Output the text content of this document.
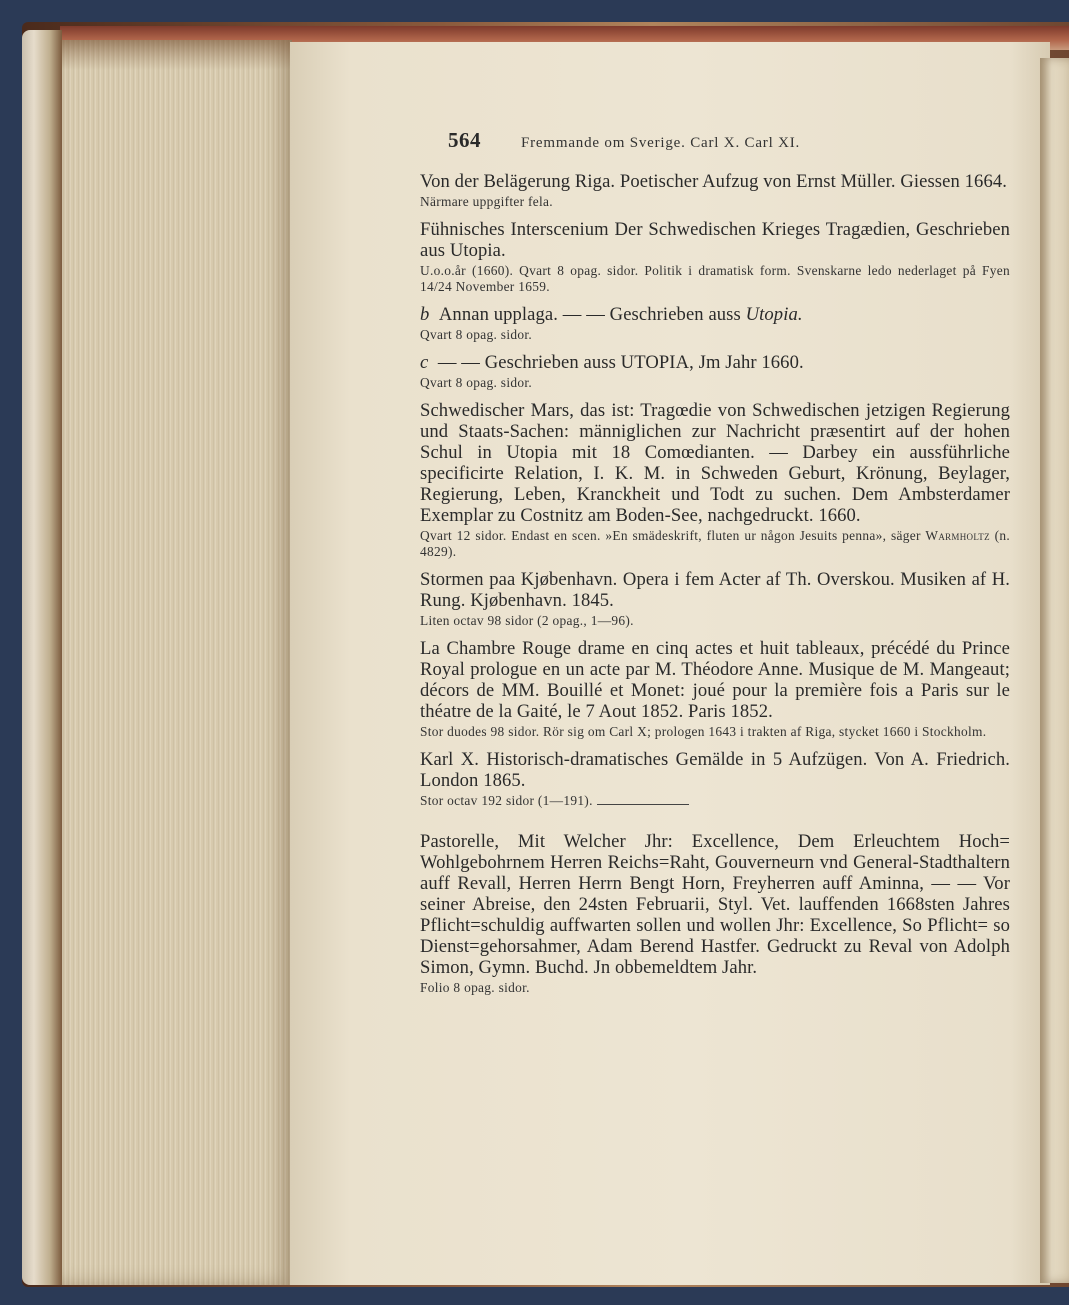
564	Fremmande om Sverige. Carl X. Carl XI.

Von der Belägerung Riga. Poetischer Aufzug von Ernst Müller. Giessen 1664.

Närmare uppgifter fela.

Fühnisches Interscenium Der Schwedischen Krieges Tragædien, Geschrieben aus Utopia.

U.o.o.år (1660). Qvart 8 opag. sidor. Politik i dramatisk form. Svenskarne ledo nederlaget på Fyen 14/24 November 1659.

b Annan upplaga. — — Geschrieben auss Utopia.

Qvart 8 opag. sidor.

c — — Geschrieben auss UTOPIA, Jm Jahr 1660.

Qvart 8 opag. sidor.

Schwedischer Mars, das ist: Tragœdie von Schwedischen jetzigen Regierung und Staats-Sachen: männiglichen zur Nachricht præsentirt auf der hohen Schul in Utopia mit 18 Comœdianten. — Darbey ein aussführliche specificirte Relation, I. K. M. in Schweden Geburt, Krönung, Beylager, Regierung, Leben, Kranckheit und Todt zu suchen. Dem Ambsterdamer Exemplar zu Costnitz am Boden-See, nachgedruckt. 1660.

Qvart 12 sidor. Endast en scen. »En smädeskrift, fluten ur någon Jesuits penna», säger Warmholtz (n. 4829).

Stormen paa Kjøbenhavn. Opera i fem Acter af Th. Overskou. Musiken af H. Rung. Kjøbenhavn. 1845.

Liten octav 98 sidor (2 opag., 1—96).

La Chambre Rouge drame en cinq actes et huit tableaux, précédé du Prince Royal prologue en un acte par M. Théodore Anne. Musique de M. Mangeaut; décors de MM. Bouillé et Monet: joué pour la première fois a Paris sur le théatre de la Gaité, le 7 Aout 1852. Paris 1852.

Stor duodes 98 sidor. Rör sig om Carl X; prologen 1643 i trakten af Riga, stycket 1660 i Stockholm.

Karl X. Historisch-dramatisches Gemälde in 5 Aufzügen. Von A. Friedrich. London 1865.

Stor octav 192 sidor (1—191).

Pastorelle, Mit Welcher Jhr: Excellence, Dem Erleuchtem Hoch= Wohlgebohrnem Herren Reichs=Raht, Gouverneurn vnd General-Stadthaltern auff Revall, Herren Herrn Bengt Horn, Freyherren auff Aminna, — — Vor seiner Abreise, den 24sten Februarii, Styl. Vet. lauffenden 1668sten Jahres Pflicht=schuldig auffwarten sollen und wollen Jhr: Excellence, So Pflicht= so Dienst=gehorsahmer, Adam Berend Hastfer. Gedruckt zu Reval von Adolph Simon, Gymn. Buchd. Jn obbemeldtem Jahr.

Folio 8 opag. sidor.
